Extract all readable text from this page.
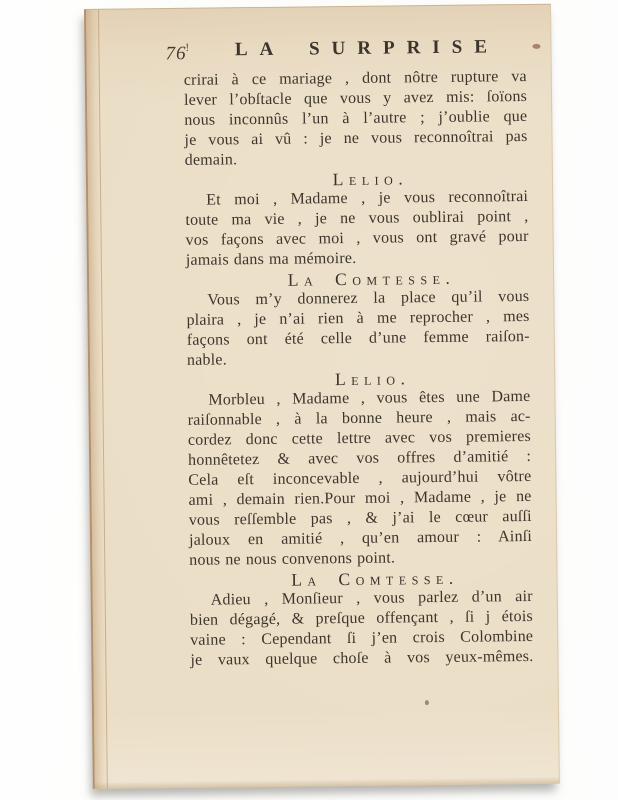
76!	LA SURPRISE
crirai à ce mariage , dont nôtre rupture va
lever l’obſtacle que vous y avez mis: ſoïons
nous inconnûs l’un à l’autre ; j’oublie que
je vous ai vû : je ne vous reconnoîtrai pas
demain.
Lelio.
Et moi , Madame , je vous reconnoîtrai
toute ma vie , je ne vous oublirai point ,
vos façons avec moi , vous ont gravé pour
jamais dans ma mémoire.
La Comtesse.
Vous m’y donnerez la place qu’il vous
plaira , je n’ai rien à me reprocher , mes
façons ont été celle d’une femme raiſon-
nable.
Lelio.
Morbleu , Madame , vous êtes une Dame
raiſonnable , à la bonne heure , mais ac-
cordez donc cette lettre avec vos premieres
honnêtetez & avec vos offres d’amitié :
Cela eſt inconcevable , aujourd’hui vôtre
ami , demain rien.Pour moi , Madame , je ne
vous reſſemble pas , & j’ai le cœur auſſi
jaloux en amitié , qu’en amour : Ainſi
nous ne nous convenons point.
La Comtesse.
Adieu , Monſieur , vous parlez d’un air
bien dégagé, & preſque offençant , ſi j étois
vaine : Cependant ſi j’en crois Colombine
je vaux quelque choſe à vos yeux-mêmes.
